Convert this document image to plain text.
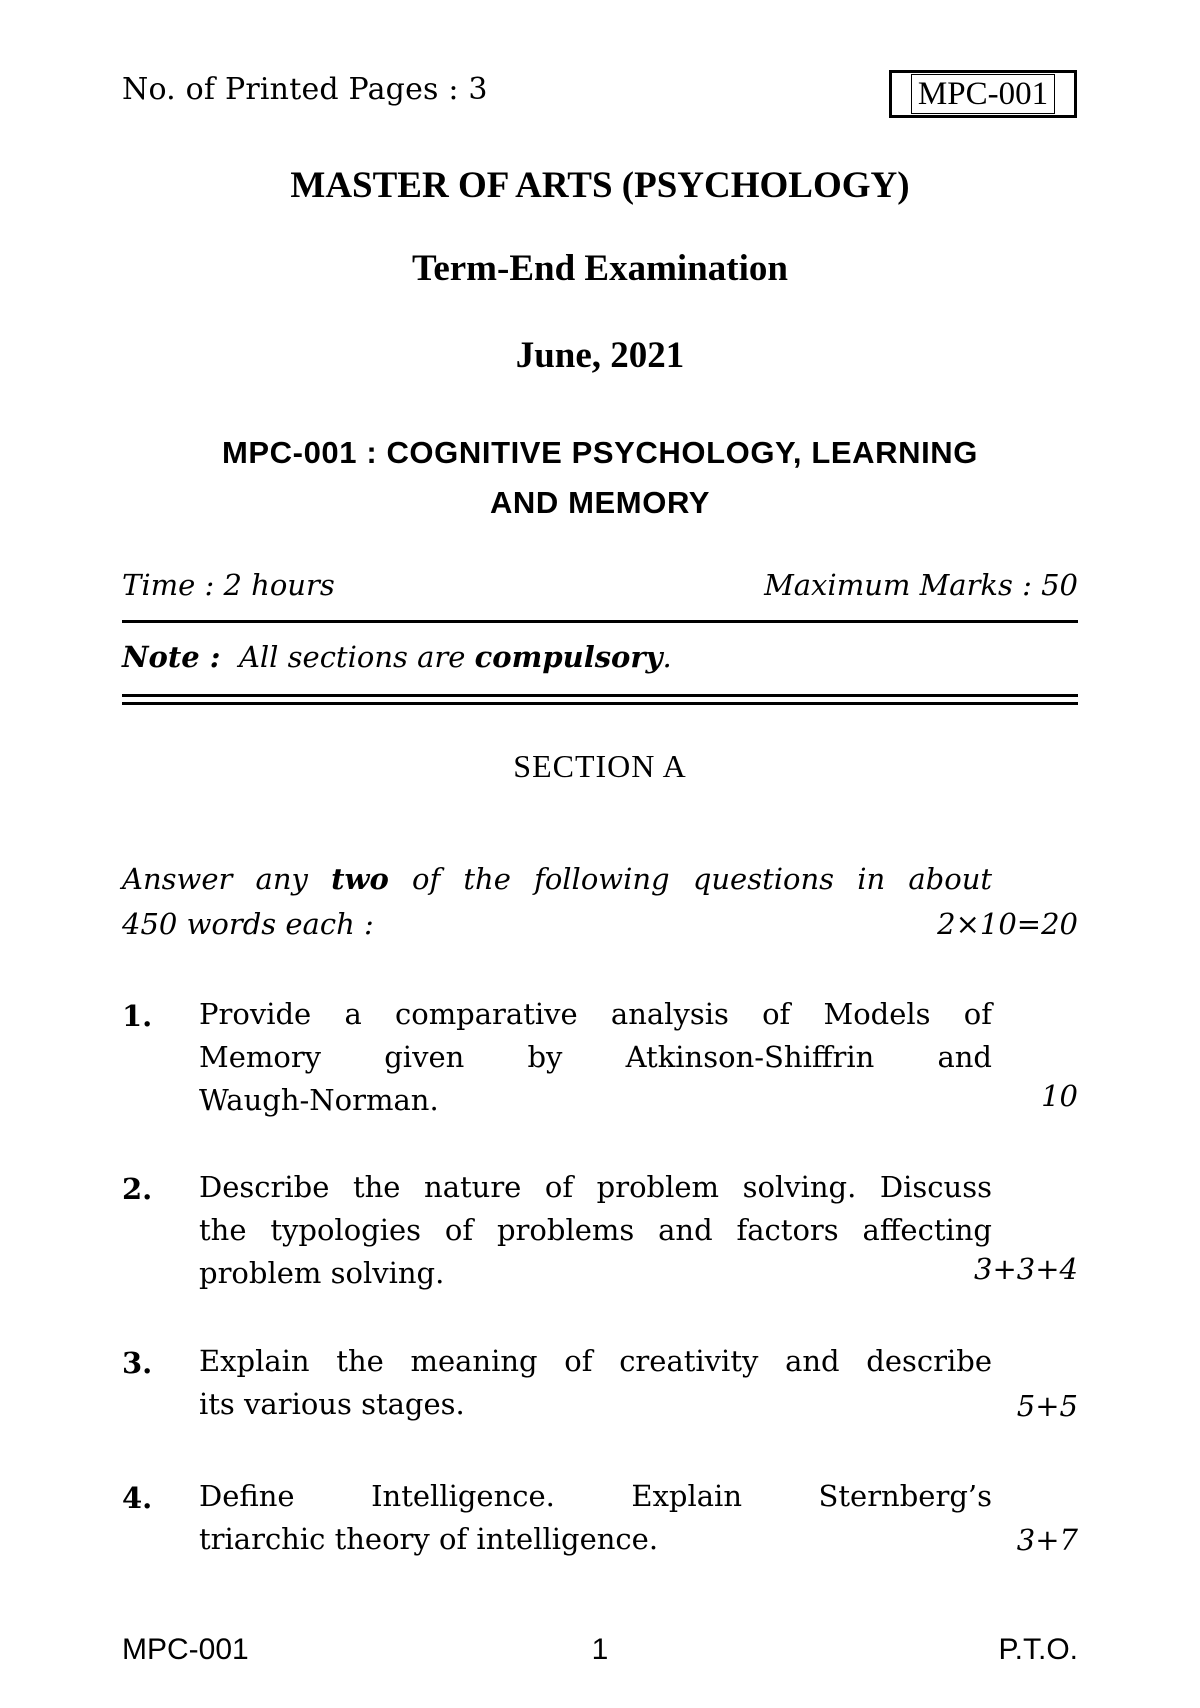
No. of Printed Pages : 3	MPC-001
MASTER OF ARTS (PSYCHOLOGY)
Term-End Examination
June, 2021
MPC-001 : COGNITIVE PSYCHOLOGY, LEARNING
AND MEMORY
Time : 2 hours	Maximum Marks : 50
Note : All sections are compulsory.
SECTION A
Answer any two of the following questions in about
450 words each :	2×10=20
1. Provide a comparative analysis of Models of
Memory given by Atkinson-Shiffrin and
Waugh-Norman.	10
2. Describe the nature of problem solving. Discuss
the typologies of problems and factors affecting
problem solving.	3+3+4
3. Explain the meaning of creativity and describe
its various stages.	5+5
4. Define Intelligence. Explain Sternberg’s
triarchic theory of intelligence.	3+7
MPC-001	1	P.T.O.
